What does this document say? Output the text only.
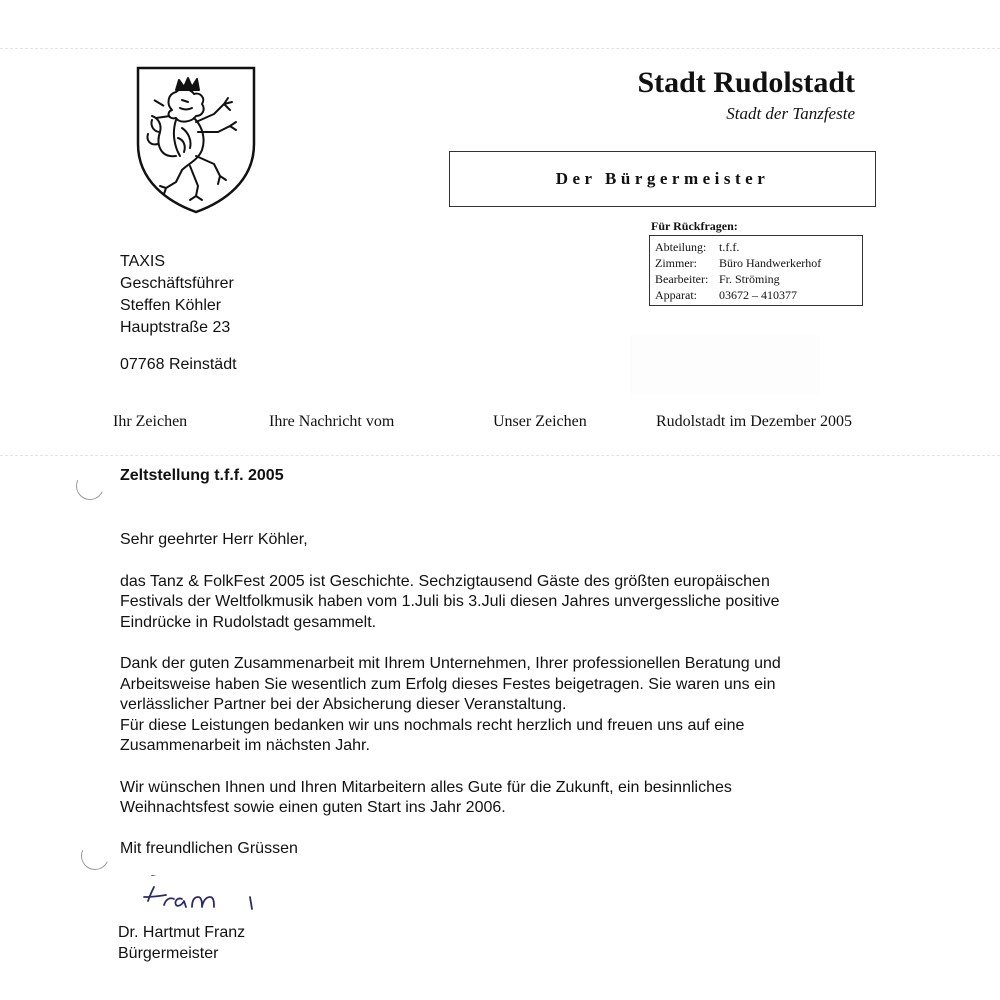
Stadt Rudolstadt
Stadt der Tanzfeste
Der Bürgermeister
Für Rückfragen:
Abteilung:	t.f.f.
Zimmer:	Büro Handwerkerhof
Bearbeiter: Fr. Ströming
Apparat:	03672 – 410377
TAXIS
Geschäftsführer
Steffen Köhler
Hauptstraße 23
07768 Reinstädt
Ihr Zeichen	Ihre Nachricht vom	Unser Zeichen	Rudolstadt im Dezember 2005
Zeltstellung t.f.f. 2005

Sehr geehrter Herr Köhler,

das Tanz & FolkFest 2005 ist Geschichte. Sechzigtausend Gäste des größten europäischen
Festivals der Weltfolkmusik haben vom 1.Juli bis 3.Juli diesen Jahres unvergessliche positive
Eindrücke in Rudolstadt gesammelt.

Dank der guten Zusammenarbeit mit Ihrem Unternehmen, Ihrer professionellen Beratung und
Arbeitsweise haben Sie wesentlich zum Erfolg dieses Festes beigetragen. Sie waren uns ein
verlässlicher Partner bei der Absicherung dieser Veranstaltung.
Für diese Leistungen bedanken wir uns nochmals recht herzlich und freuen uns auf eine
Zusammenarbeit im nächsten Jahr.

Wir wünschen Ihnen und Ihren Mitarbeitern alles Gute für die Zukunft, ein besinnliches
Weihnachtsfest sowie einen guten Start ins Jahr 2006.

Mit freundlichen Grüssen
Dr. Hartmut Franz
Bürgermeister
